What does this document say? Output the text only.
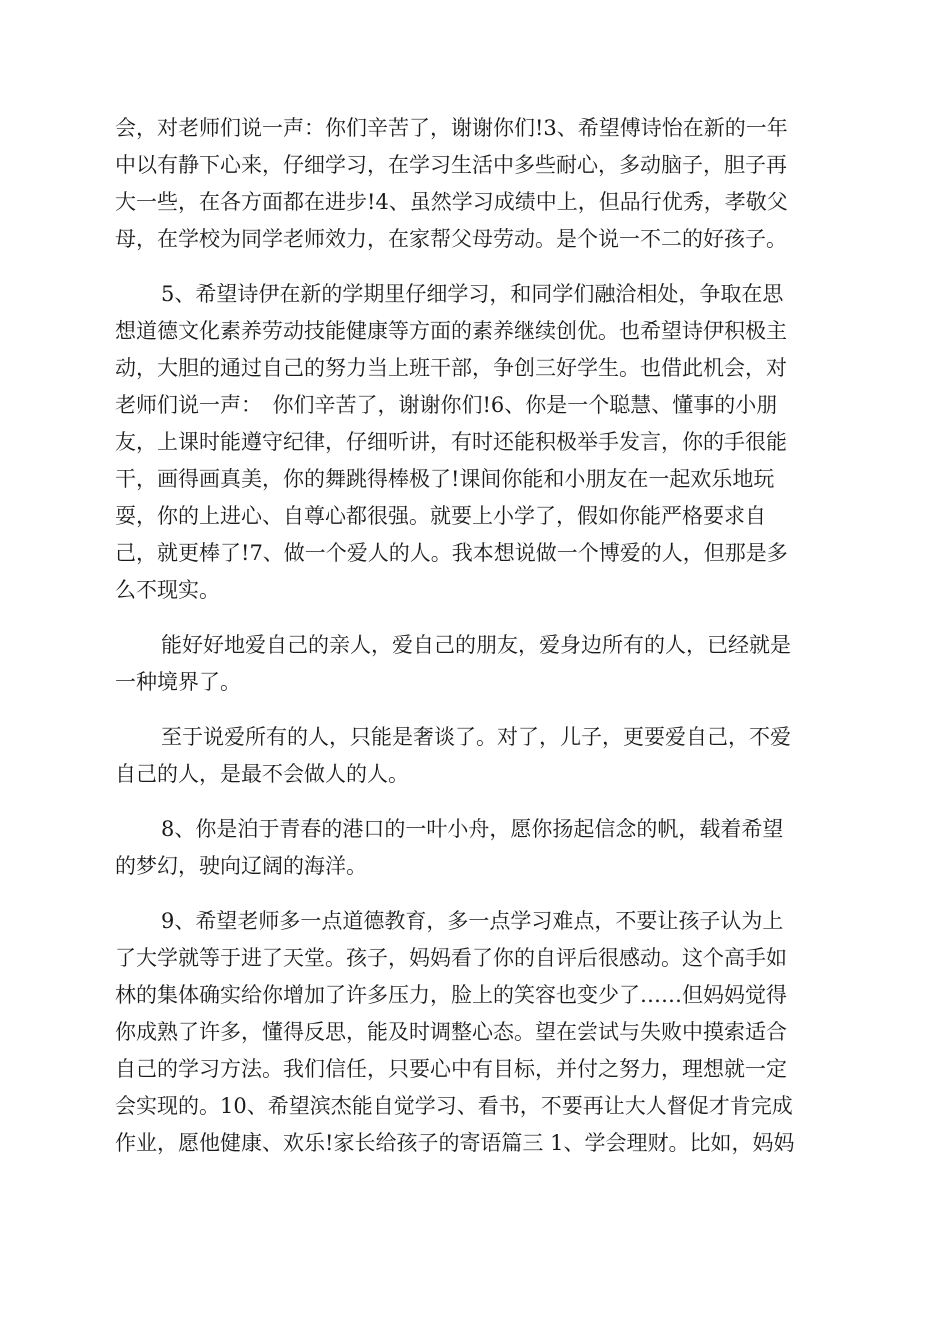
会，对老师们说一声：你们辛苦了，谢谢你们!3、希望傅诗怡在新的一年
中以有静下心来，仔细学习，在学习生活中多些耐心，多动脑子，胆子再
大一些，在各方面都在进步!4、虽然学习成绩中上，但品行优秀，孝敬父
母，在学校为同学老师效力，在家帮父母劳动。是个说一不二的好孩子。

5、希望诗伊在新的学期里仔细学习，和同学们融洽相处，争取在思
想道德文化素养劳动技能健康等方面的素养继续创优。也希望诗伊积极主
动，大胆的通过自己的努力当上班干部，争创三好学生。也借此机会，对
老师们说一声：　你们辛苦了，谢谢你们!6、你是一个聪慧、懂事的小朋
友，上课时能遵守纪律，仔细听讲，有时还能积极举手发言，你的手很能
干，画得画真美，你的舞跳得棒极了!课间你能和小朋友在一起欢乐地玩
耍，你的上进心、自尊心都很强。就要上小学了，假如你能严格要求自
己，就更棒了!7、做一个爱人的人。我本想说做一个博爱的人，但那是多
么不现实。

能好好地爱自己的亲人，爱自己的朋友，爱身边所有的人，已经就是
一种境界了。

至于说爱所有的人，只能是奢谈了。对了，儿子，更要爱自己，不爱
自己的人，是最不会做人的人。

8、你是泊于青春的港口的一叶小舟，愿你扬起信念的帆，载着希望
的梦幻，驶向辽阔的海洋。

9、希望老师多一点道德教育，多一点学习难点，不要让孩子认为上
了大学就等于进了天堂。孩子，妈妈看了你的自评后很感动。这个高手如
林的集体确实给你增加了许多压力，脸上的笑容也变少了……但妈妈觉得
你成熟了许多，懂得反思，能及时调整心态。望在尝试与失败中摸索适合
自己的学习方法。我们信任，只要心中有目标，并付之努力，理想就一定
会实现的。10、希望滨杰能自觉学习、看书，不要再让大人督促才肯完成
作业，愿他健康、欢乐!家长给孩子的寄语篇三 1、学会理财。比如，妈妈
